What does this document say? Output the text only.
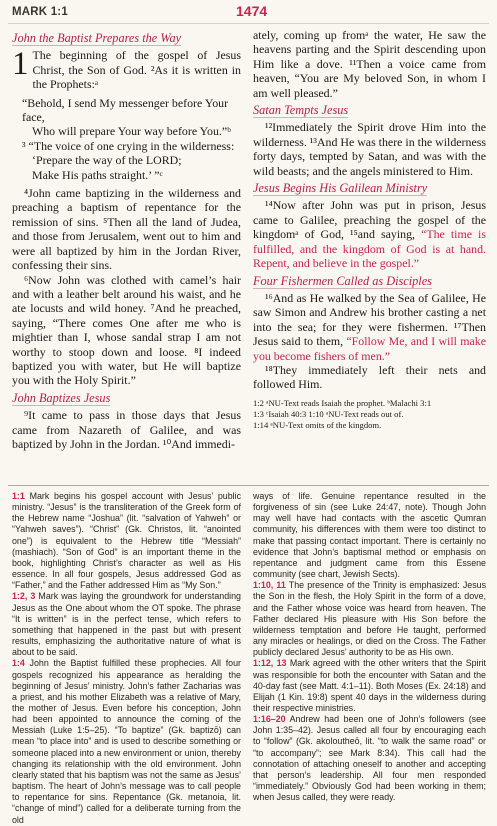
MARK 1:1	1474
John the Baptist Prepares the Way

1 The beginning of the gospel of Jesus Christ, the Son of God. ²As it is written in the Prophets:ᵃ

“Behold, I send My messenger before Your face,
Who will prepare Your way before You.”ᵇ
³ “The voice of one crying in the wilderness:
‘Prepare the way of the LORD;
Make His paths straight.’ ”ᶜ

⁴John came baptizing in the wilderness and preaching a baptism of repentance for the remission of sins. ⁵Then all the land of Judea, and those from Jerusalem, went out to him and were all baptized by him in the Jordan River, confessing their sins.

⁶Now John was clothed with camel’s hair and with a leather belt around his waist, and he ate locusts and wild honey. ⁷And he preached, saying, “There comes One after me who is mightier than I, whose sandal strap I am not worthy to stoop down and loose. ⁸I indeed baptized you with water, but He will baptize you with the Holy Spirit.”

John Baptizes Jesus

⁹It came to pass in those days that Jesus came from Nazareth of Galilee, and was baptized by John in the Jordan. ¹⁰And immedi-

ately, coming up fromᵃ the water, He saw the heavens parting and the Spirit descending upon Him like a dove. ¹¹Then a voice came from heaven, “You are My beloved Son, in whom I am well pleased.”

Satan Tempts Jesus

¹²Immediately the Spirit drove Him into the wilderness. ¹³And He was there in the wilderness forty days, tempted by Satan, and was with the wild beasts; and the angels ministered to Him.

Jesus Begins His Galilean Ministry

¹⁴Now after John was put in prison, Jesus came to Galilee, preaching the gospel of the kingdomᵃ of God, ¹⁵and saying, “The time is fulfilled, and the kingdom of God is at hand. Repent, and believe in the gospel.”

Four Fishermen Called as Disciples

¹⁶And as He walked by the Sea of Galilee, He saw Simon and Andrew his brother casting a net into the sea; for they were fishermen. ¹⁷Then Jesus said to them, “Follow Me, and I will make you become fishers of men.”

¹⁸They immediately left their nets and followed Him.

1:2 ᵃNU-Text reads Isaiah the prophet. ᵇMalachi 3:1
1:3 ᶜIsaiah 40:3 1:10 ᵃNU-Text reads out of.
1:14 ᵃNU-Text omits of the kingdom.

1:1 Mark begins his gospel account with Jesus’ public ministry. “Jesus” is the transliteration of the Greek form of the Hebrew name “Joshua” (lit. “salvation of Yahweh” or “Yahweh saves”). “Christ” (Gk. Christos, lit. “anointed one”) is equivalent to the Hebrew title “Messiah” (mashiach). “Son of God” is an important theme in the book, highlighting Christ’s character as well as His essence. In all four gospels, Jesus addressed God as “Father,” and the Father addressed Him as “My Son.”

1:2, 3 Mark was laying the groundwork for understanding Jesus as the One about whom the OT spoke. The phrase “It is written” is in the perfect tense, which refers to something that happened in the past but with present results, emphasizing the authoritative nature of what is about to be said.

1:4 John the Baptist fulfilled these prophecies. All four gospels recognized his appearance as heralding the beginning of Jesus’ ministry. John’s father Zacharias was a priest, and his mother Elizabeth was a relative of Mary, the mother of Jesus. Even before his conception, John had been appointed to announce the coming of the Messiah (Luke 1:5–25). “To baptize” (Gk. baptizō) can mean “to place into” and is used to describe something or someone placed into a new environment or union, thereby changing its relationship with the old environment. John clearly stated that his baptism was not the same as Jesus’ baptism. The heart of John’s message was to call people to repentance for sins. Repentance (Gk. metanoia, lit. “change of mind”) called for a deliberate turning from the old

ways of life. Genuine repentance resulted in the forgiveness of sin (see Luke 24:47, note). Though John may well have had contacts with the ascetic Qumran community, his differences with them were too distinct to make that passing contact important. There is certainly no evidence that John’s baptismal method or emphasis on repentance and judgment came from this Essene community (see chart, Jewish Sects).

1:10, 11 The presence of the Trinity is emphasized: Jesus the Son in the flesh, the Holy Spirit in the form of a dove, and the Father whose voice was heard from heaven. The Father declared His pleasure with His Son before the wilderness temptation and before He taught, performed any miracles or healings, or died on the Cross. The Father publicly declared Jesus’ authority to be as His own.

1:12, 13 Mark agreed with the other writers that the Spirit was responsible for both the encounter with Satan and the 40-day fast (see Matt. 4:1–11). Both Moses (Ex. 24:18) and Elijah (1 Kin. 19:8) spent 40 days in the wilderness during their respective ministries.

1:16–20 Andrew had been one of John’s followers (see John 1:35–42). Jesus called all four by encouraging each to “follow” (Gk. akoloutheō, lit. “to walk the same road” or “to accompany”; see Mark 8:34). This call had the connotation of attaching oneself to another and accepting that person’s leadership. All four men responded “immediately.” Obviously God had been working in them; when Jesus called, they were ready.
